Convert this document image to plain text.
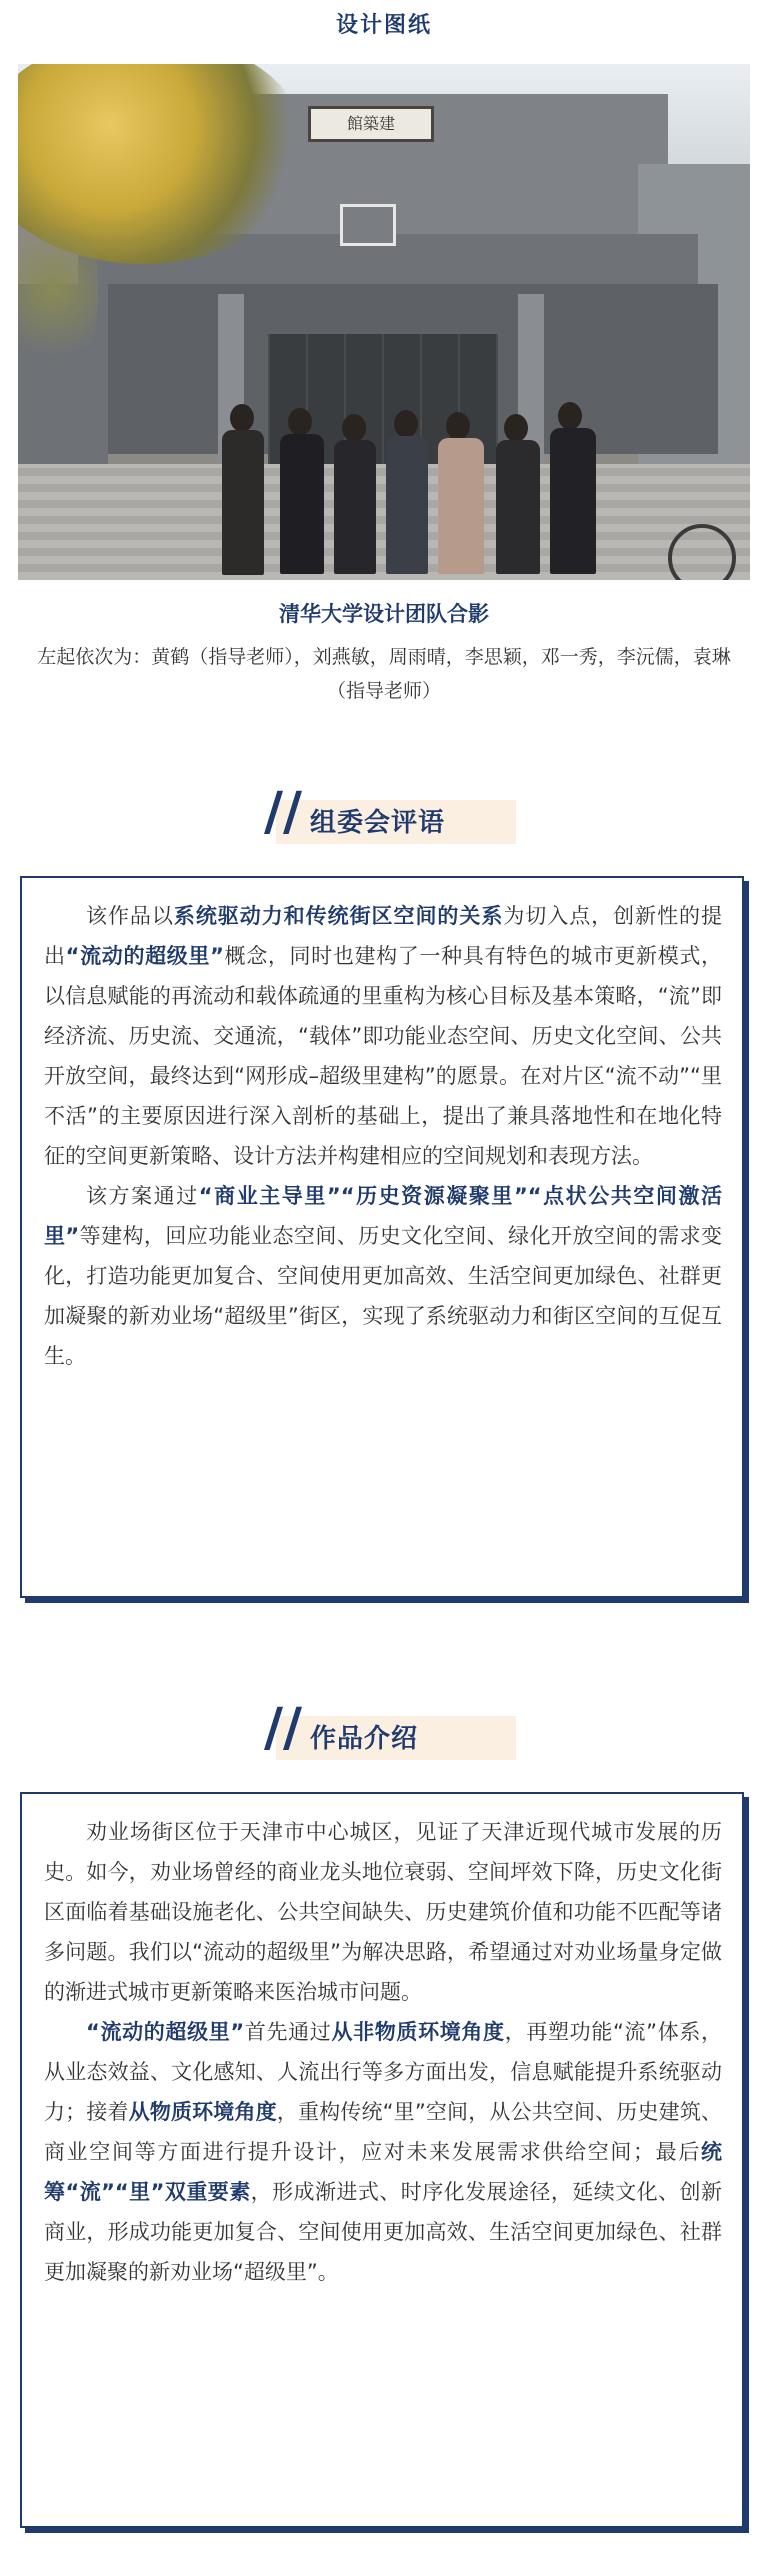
设计图纸
館築建
清华大学设计团队合影
左起依次为：黄鹤（指导老师），刘燕敏，周雨晴，李思颖，邓一秀，李沅儒，袁琳（指导老师）
// 组委会评语

该作品以系统驱动力和传统街区空间的关系为切入点，创新性的提出“流动的超级里”概念，同时也建构了一种具有特色的城市更新模式，以信息赋能的再流动和载体疏通的里重构为核心目标及基本策略，“流”即经济流、历史流、交通流，“载体”即功能业态空间、历史文化空间、公共开放空间，最终达到“网形成–超级里建构”的愿景。在对片区“流不动”“里不活”的主要原因进行深入剖析的基础上，提出了兼具落地性和在地化特征的空间更新策略、设计方法并构建相应的空间规划和表现方法。

该方案通过“商业主导里”“历史资源凝聚里”“点状公共空间激活里”等建构，回应功能业态空间、历史文化空间、绿化开放空间的需求变化，打造功能更加复合、空间使用更加高效、生活空间更加绿色、社群更加凝聚的新劝业场“超级里”街区，实现了系统驱动力和街区空间的互促互生。

// 作品介绍

劝业场街区位于天津市中心城区，见证了天津近现代城市发展的历史。如今，劝业场曾经的商业龙头地位衰弱、空间坪效下降，历史文化街区面临着基础设施老化、公共空间缺失、历史建筑价值和功能不匹配等诸多问题。我们以“流动的超级里”为解决思路，希望通过对劝业场量身定做的渐进式城市更新策略来医治城市问题。

“流动的超级里”首先通过从非物质环境角度，再塑功能“流”体系，从业态效益、文化感知、人流出行等多方面出发，信息赋能提升系统驱动力；接着从物质环境角度，重构传统“里”空间，从公共空间、历史建筑、商业空间等方面进行提升设计，应对未来发展需求供给空间；最后统筹“流”“里”双重要素，形成渐进式、时序化发展途径，延续文化、创新商业，形成功能更加复合、空间使用更加高效、生活空间更加绿色、社群更加凝聚的新劝业场“超级里”。
